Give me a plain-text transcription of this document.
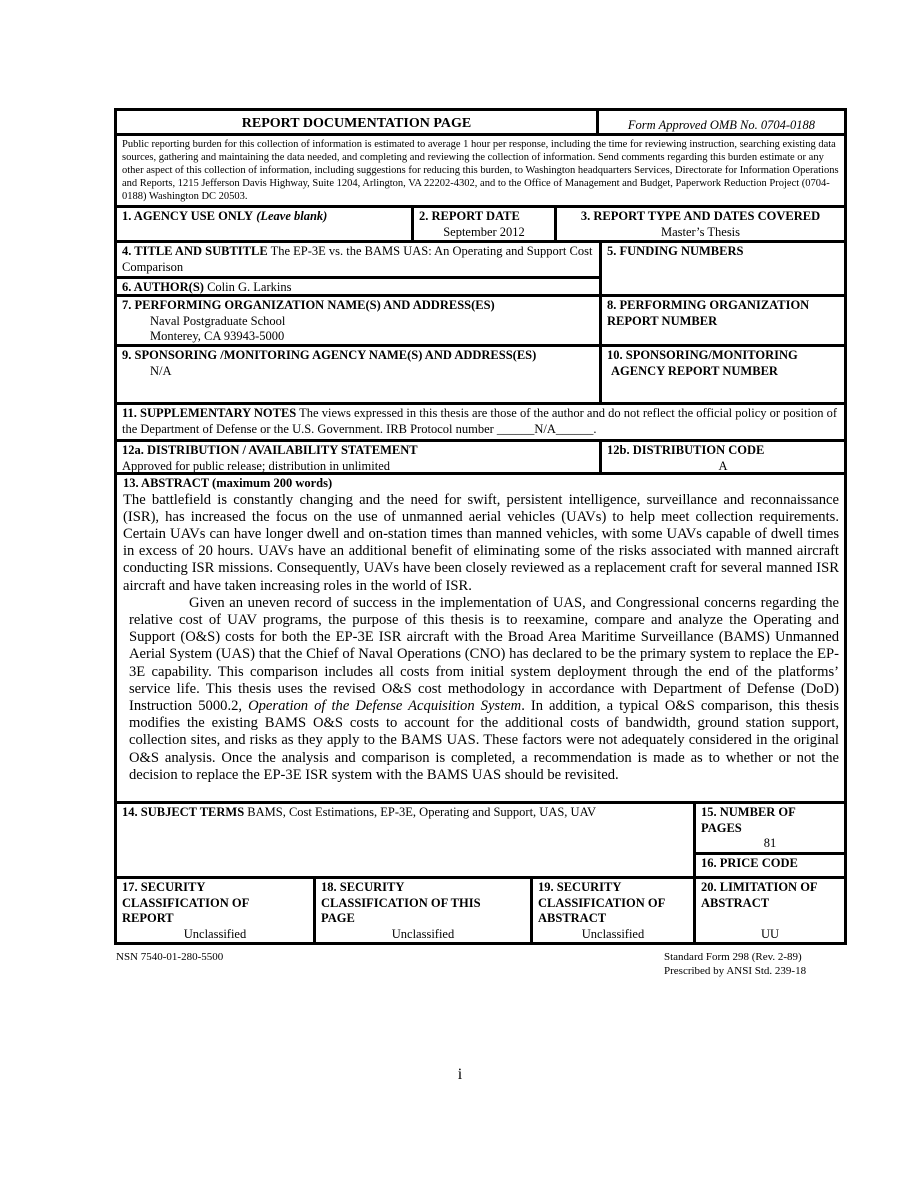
REPORT DOCUMENTATION PAGE	Form Approved OMB No. 0704-0188
Public reporting burden for this collection of information is estimated to average 1 hour per response, including the time for reviewing instruction, searching existing data sources, gathering and maintaining the data needed, and completing and reviewing the collection of information. Send comments regarding this burden estimate or any other aspect of this collection of information, including suggestions for reducing this burden, to Washington headquarters Services, Directorate for Information Operations and Reports, 1215 Jefferson Davis Highway, Suite 1204, Arlington, VA 22202-4302, and to the Office of Management and Budget, Paperwork Reduction Project (0704-0188) Washington DC 20503.
1. AGENCY USE ONLY (Leave blank)	2. REPORT DATE
September 2012
3. REPORT TYPE AND DATES COVERED
Master’s Thesis
4. TITLE AND SUBTITLE The EP-3E vs. the BAMS UAS: An Operating and Support Cost Comparison
6. AUTHOR(S) Colin G. Larkins
5. FUNDING NUMBERS
7. PERFORMING ORGANIZATION NAME(S) AND ADDRESS(ES)
Naval Postgraduate School
Monterey, CA 93943-5000
8. PERFORMING ORGANIZATION
REPORT NUMBER
9. SPONSORING /MONITORING AGENCY NAME(S) AND ADDRESS(ES)
N/A
10. SPONSORING/MONITORING
AGENCY REPORT NUMBER
11. SUPPLEMENTARY NOTES The views expressed in this thesis are those of the author and do not reflect the official policy or position of the Department of Defense or the U.S. Government. IRB Protocol number ______N/A______.
12a. DISTRIBUTION / AVAILABILITY STATEMENT
Approved for public release; distribution in unlimited
12b. DISTRIBUTION CODE
A
13. ABSTRACT (maximum 200 words)

The battlefield is constantly changing and the need for swift, persistent intelligence, surveillance and reconnaissance (ISR), has increased the focus on the use of unmanned aerial vehicles (UAVs) to help meet collection requirements. Certain UAVs can have longer dwell and on-station times than manned vehicles, with some UAVs capable of dwell times in excess of 20 hours. UAVs have an additional benefit of eliminating some of the risks associated with manned aircraft conducting ISR missions. Consequently, UAVs have been closely reviewed as a replacement craft for several manned ISR aircraft and have taken increasing roles in the world of ISR.

Given an uneven record of success in the implementation of UAS, and Congressional concerns regarding the relative cost of UAV programs, the purpose of this thesis is to reexamine, compare and analyze the Operating and Support (O&S) costs for both the EP-3E ISR aircraft with the Broad Area Maritime Surveillance (BAMS) Unmanned Aerial System (UAS) that the Chief of Naval Operations (CNO) has declared to be the primary system to replace the EP-3E capability. This comparison includes all costs from initial system deployment through the end of the platforms’ service life. This thesis uses the revised O&S cost methodology in accordance with Department of Defense (DoD) Instruction 5000.2, Operation of the Defense Acquisition System. In addition, a typical O&S comparison, this thesis modifies the existing BAMS O&S costs to account for the additional costs of bandwidth, ground station support, collection sites, and risks as they apply to the BAMS UAS. These factors were not adequately considered in the original O&S analysis. Once the analysis and comparison is completed, a recommendation is made as to whether or not the decision to replace the EP-3E ISR system with the BAMS UAS should be revisited.

14. SUBJECT TERMS BAMS, Cost Estimations, EP-3E, Operating and Support, UAS, UAV	15. NUMBER OF
PAGES
81
16. PRICE CODE
17. SECURITY
CLASSIFICATION OF
REPORT
Unclassified
18. SECURITY
CLASSIFICATION OF THIS
PAGE
Unclassified
19. SECURITY
CLASSIFICATION OF
ABSTRACT
Unclassified
20. LIMITATION OF
ABSTRACT
UU
NSN 7540-01-280-5500	Standard Form 298 (Rev. 2-89)
Prescribed by ANSI Std. 239-18
i
